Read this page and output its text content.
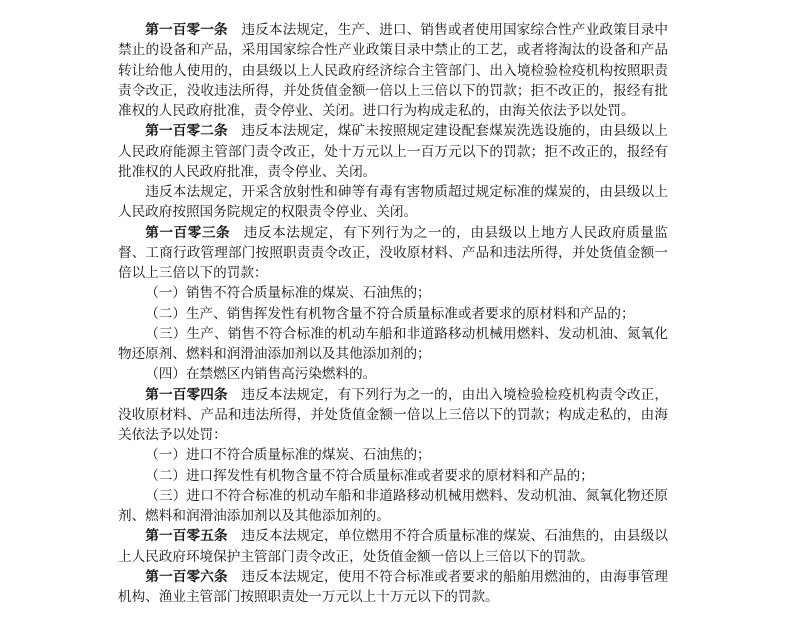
第一百零一条 违反本法规定，生产、进口、销售或者使用国家综合性产业政策目录中禁止的设备和产品，采用国家综合性产业政策目录中禁止的工艺，或者将淘汰的设备和产品转让给他人使用的，由县级以上人民政府经济综合主管部门、出入境检验检疫机构按照职责责令改正，没收违法所得，并处货值金额一倍以上三倍以下的罚款；拒不改正的，报经有批准权的人民政府批准，责令停业、关闭。进口行为构成走私的，由海关依法予以处罚。

第一百零二条 违反本法规定，煤矿未按照规定建设配套煤炭洗选设施的，由县级以上人民政府能源主管部门责令改正，处十万元以上一百万元以下的罚款；拒不改正的，报经有批准权的人民政府批准，责令停业、关闭。

违反本法规定，开采含放射性和砷等有毒有害物质超过规定标准的煤炭的，由县级以上人民政府按照国务院规定的权限责令停业、关闭。

第一百零三条 违反本法规定，有下列行为之一的，由县级以上地方人民政府质量监督、工商行政管理部门按照职责责令改正，没收原材料、产品和违法所得，并处货值金额一倍以上三倍以下的罚款：

（一）销售不符合质量标准的煤炭、石油焦的；

（二）生产、销售挥发性有机物含量不符合质量标准或者要求的原材料和产品的；

（三）生产、销售不符合标准的机动车船和非道路移动机械用燃料、发动机油、氮氧化物还原剂、燃料和润滑油添加剂以及其他添加剂的；

（四）在禁燃区内销售高污染燃料的。

第一百零四条 违反本法规定，有下列行为之一的，由出入境检验检疫机构责令改正，没收原材料、产品和违法所得，并处货值金额一倍以上三倍以下的罚款；构成走私的，由海关依法予以处罚：

（一）进口不符合质量标准的煤炭、石油焦的；

（二）进口挥发性有机物含量不符合质量标准或者要求的原材料和产品的；

（三）进口不符合标准的机动车船和非道路移动机械用燃料、发动机油、氮氧化物还原剂、燃料和润滑油添加剂以及其他添加剂的。

第一百零五条 违反本法规定，单位燃用不符合质量标准的煤炭、石油焦的，由县级以上人民政府环境保护主管部门责令改正，处货值金额一倍以上三倍以下的罚款。

第一百零六条 违反本法规定，使用不符合标准或者要求的船舶用燃油的，由海事管理机构、渔业主管部门按照职责处一万元以上十万元以下的罚款。
